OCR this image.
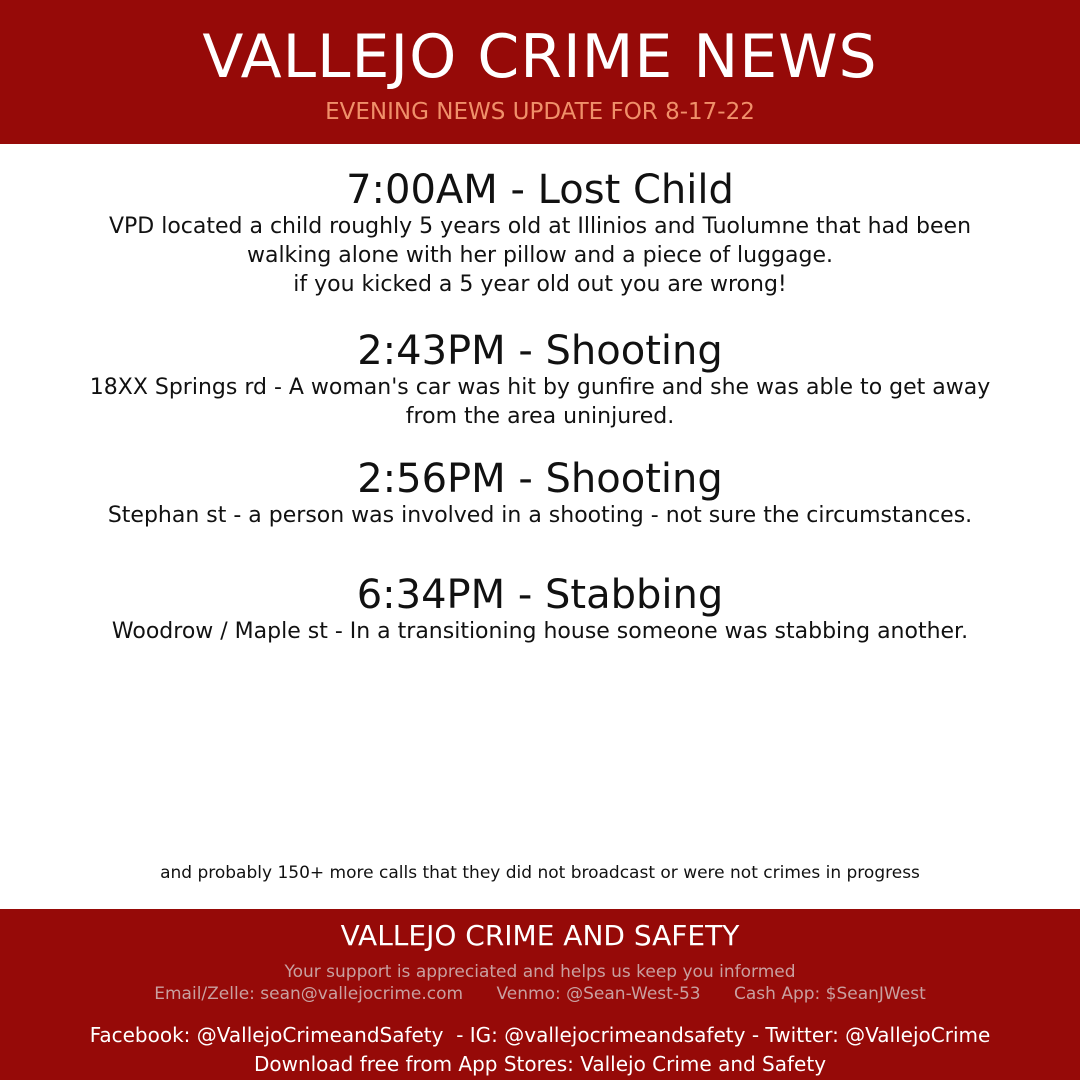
VALLEJO CRIME NEWS
EVENING NEWS UPDATE FOR 8-17-22
7:00AM - Lost Child
VPD located a child roughly 5 years old at Illinios and Tuolumne that had been
walking alone with her pillow and a piece of luggage.
if you kicked a 5 year old out you are wrong!
2:43PM - Shooting
18XX Springs rd - A woman's car was hit by gunfire and she was able to get away
from the area uninjured.
2:56PM - Shooting
Stephan st - a person was involved in a shooting - not sure the circumstances.
6:34PM - Stabbing
Woodrow / Maple st - In a transitioning house someone was stabbing another.
and probably 150+ more calls that they did not broadcast or were not crimes in progress
VALLEJO CRIME AND SAFETY
Your support is appreciated and helps us keep you informed
Email/Zelle: sean@vallejocrime.com Venmo: @Sean-West-53 Cash App: $SeanJWest
Facebook: @VallejoCrimeandSafety  - IG: @vallejocrimeandsafety - Twitter: @VallejoCrime
Download free from App Stores: Vallejo Crime and Safety
